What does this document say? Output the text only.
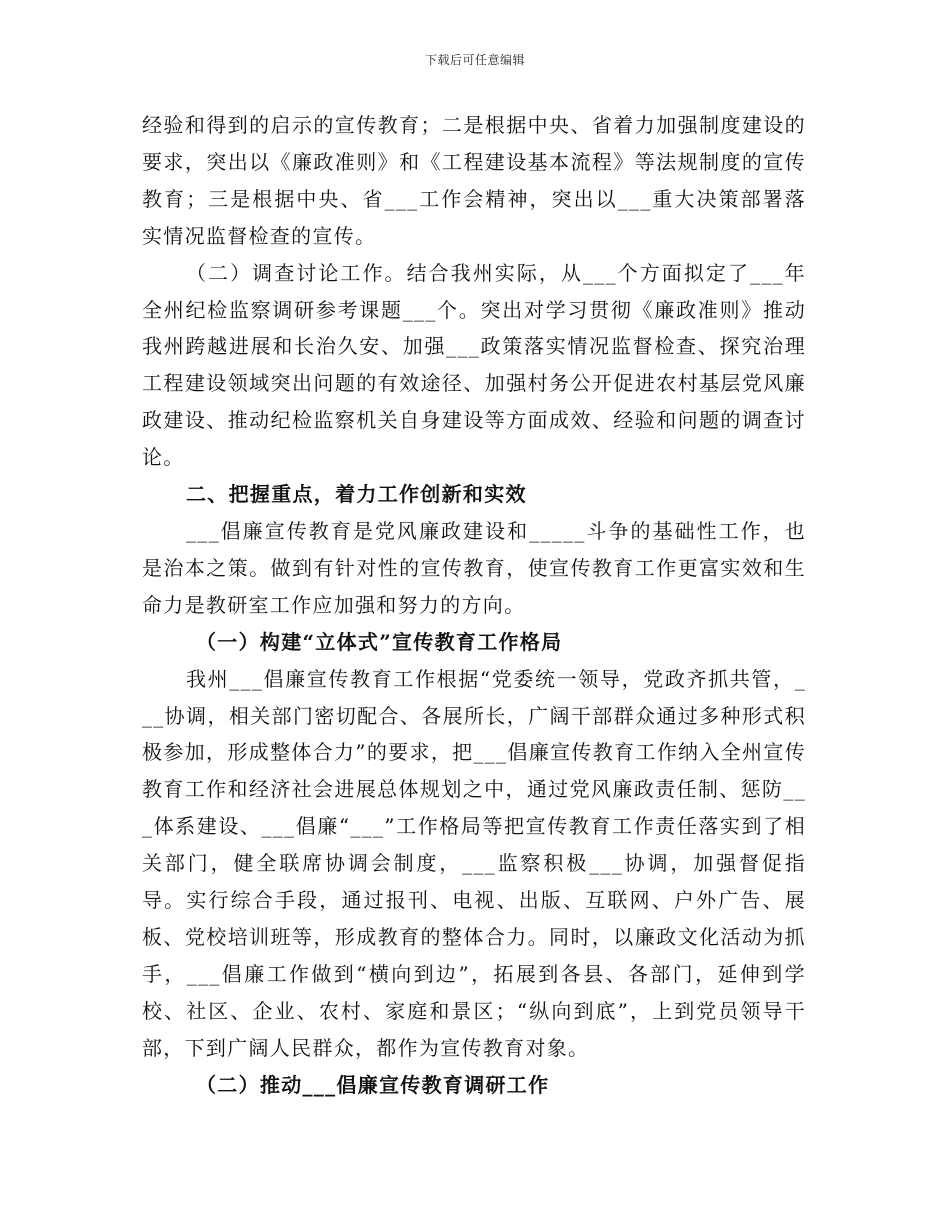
下载后可任意编辑

经验和得到的启示的宣传教育；二是根据中央、省着力加强制度建设的要求，突出以《廉政准则》和《工程建设基本流程》等法规制度的宣传教育；三是根据中央、省___工作会精神，突出以___重大决策部署落实情况监督检查的宣传。

（二）调查讨论工作。结合我州实际，从___个方面拟定了___年全州纪检监察调研参考课题___个。突出对学习贯彻《廉政准则》推动我州跨越进展和长治久安、加强___政策落实情况监督检查、探究治理工程建设领域突出问题的有效途径、加强村务公开促进农村基层党风廉政建设、推动纪检监察机关自身建设等方面成效、经验和问题的调查讨论。

二、把握重点，着力工作创新和实效

___倡廉宣传教育是党风廉政建设和_____斗争的基础性工作，也是治本之策。做到有针对性的宣传教育，使宣传教育工作更富实效和生命力是教研室工作应加强和努力的方向。

（一）构建“立体式”宣传教育工作格局

我州___倡廉宣传教育工作根据“党委统一领导，党政齐抓共管，___协调，相关部门密切配合、各展所长，广阔干部群众通过多种形式积极参加，形成整体合力”的要求，把___倡廉宣传教育工作纳入全州宣传教育工作和经济社会进展总体规划之中，通过党风廉政责任制、惩防___体系建设、___倡廉“___”工作格局等把宣传教育工作责任落实到了相关部门，健全联席协调会制度，___监察积极___协调，加强督促指导。实行综合手段，通过报刊、电视、出版、互联网、户外广告、展板、党校培训班等，形成教育的整体合力。同时，以廉政文化活动为抓手，___倡廉工作做到“横向到边”，拓展到各县、各部门，延伸到学校、社区、企业、农村、家庭和景区；“纵向到底”，上到党员领导干部，下到广阔人民群众，都作为宣传教育对象。

（二）推动___倡廉宣传教育调研工作
